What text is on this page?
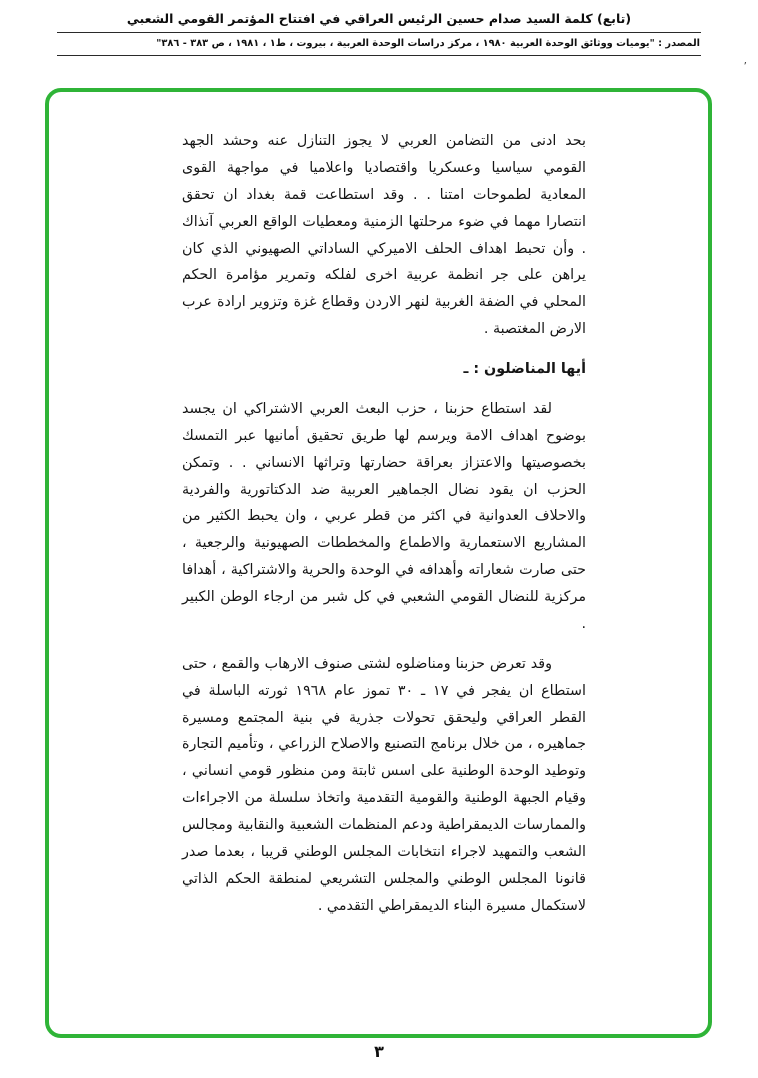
(تابع) كلمة السيد صدام حسين الرئيس العراقي في افتتاح المؤتمر القومي الشعبي
المصدر : "يوميات ووثائق الوحدة العربية ١٩٨٠ ، مركز دراسات الوحدة العربية ، بيروت ، ط١ ، ١٩٨١ ، ص ٣٨٣ - ٣٨٦"
٬

بحد ادنى من التضامن العربي لا يجوز التنازل عنه وحشد الجهد القومي سياسيا وعسكريا واقتصاديا واعلاميا في مواجهة القوى المعادية لطموحات امتنا . . وقد استطاعت قمة بغداد ان تحقق انتصارا مهما في ضوء مرحلتها الزمنية ومعطيات الواقع العربي آنذاك . وأن تحبط اهداف الحلف الاميركي الساداتي الصهيوني الذي كان يراهن على جر انظمة عربية اخرى لفلكه وتمرير مؤامرة الحكم المحلي في الضفة الغربية لنهر الاردن وقطاع غزة وتزوير ارادة عرب الارض المغتصبة .

أيها المناضلون : ـ

لقد استطاع حزبنا ، حزب البعث العربي الاشتراكي ان يجسد بوضوح اهداف الامة ويرسم لها طريق تحقيق أمانيها عبر التمسك بخصوصيتها والاعتزاز بعراقة حضارتها وتراثها الانساني . . وتمكن الحزب ان يقود نضال الجماهير العربية ضد الدكتاتورية والفردية والاحلاف العدوانية في اكثر من قطر عربي ، وان يحبط الكثير من المشاريع الاستعمارية والاطماع والمخططات الصهيونية والرجعية ، حتى صارت شعاراته وأهدافه في الوحدة والحرية والاشتراكية ، أهدافا مركزية للنضال القومي الشعبي في كل شبر من ارجاء الوطن الكبير .

وقد تعرض حزبنا ومناضلوه لشتى صنوف الارهاب والقمع ، حتى استطاع ان يفجر في ١٧ ـ ٣٠ تموز عام ١٩٦٨ ثورته الباسلة في القطر العراقي وليحقق تحولات جذرية في بنية المجتمع ومسيرة جماهيره ، من خلال برنامج التصنيع والاصلاح الزراعي ، وتأميم التجارة وتوطيد الوحدة الوطنية على اسس ثابتة ومن منظور قومي انساني ، وقيام الجبهة الوطنية والقومية التقدمية واتخاذ سلسلة من الاجراءات والممارسات الديمقراطية ودعم المنظمات الشعبية والنقابية ومجالس الشعب والتمهيد لاجراء انتخابات المجلس الوطني قريبا ، بعدما صدر قانونا المجلس الوطني والمجلس التشريعي لمنطقة الحكم الذاتي لاستكمال مسيرة البناء الديمقراطي التقدمي .

٣
